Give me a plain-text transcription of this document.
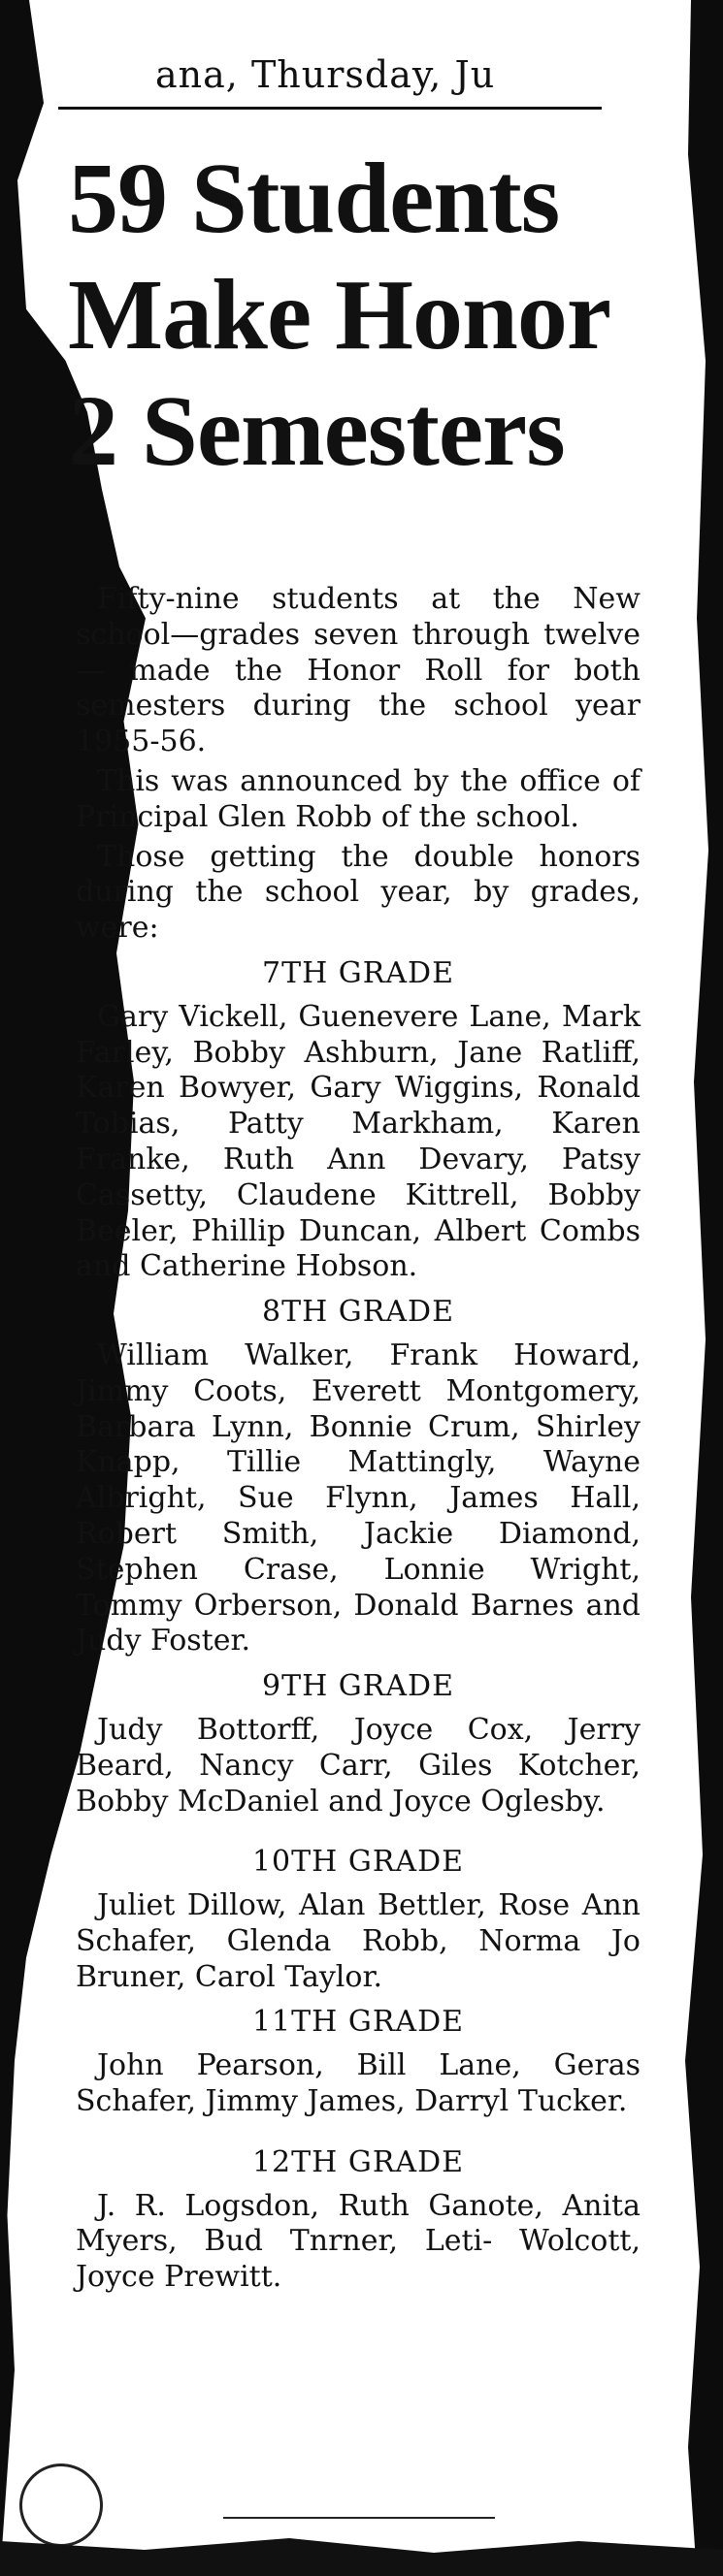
ana, Thursday, Ju
59 Students
Make Honor
2 Semesters

Fifty-nine students at the New school—grades seven through twelve — made the Honor Roll for both semesters during the school year 1955-56.

This was announced by the office of Principal Glen Robb of the school.

Those getting the double honors during the school year, by grades, were:

7TH GRADE

Gary Vickell, Guenevere Lane, Mark Farley, Bobby Ashburn, Jane Ratliff, Karen Bowyer, Gary Wiggins, Ronald Tobias, Patty Markham, Karen Franke, Ruth Ann Devary, Patsy Cassetty, Claudene Kittrell, Bobby Beeler, Phillip Duncan, Albert Combs and Catherine Hobson.

8TH GRADE

William Walker, Frank Howard, Jimmy Coots, Everett Montgomery, Barbara Lynn, Bonnie Crum, Shirley Knapp, Tillie Mattingly, Wayne Albright, Sue Flynn, James Hall, Robert Smith, Jackie Diamond, Stephen Crase, Lonnie Wright, Tommy Orberson, Donald Barnes and Judy Foster.

9TH GRADE

Judy Bottorff, Joyce Cox, Jerry Beard, Nancy Carr, Giles Kotcher, Bobby McDaniel and Joyce Oglesby.

10TH GRADE

Juliet Dillow, Alan Bettler, Rose Ann Schafer, Glenda Robb, Norma Jo Bruner, Carol Taylor.

11TH GRADE

John Pearson, Bill Lane, Geras Schafer, Jimmy James, Darryl Tucker.

12TH GRADE

J. R. Logsdon, Ruth Ganote, Anita Myers, Bud Tnrner, Leti- Wolcott, Joyce Prewitt.
